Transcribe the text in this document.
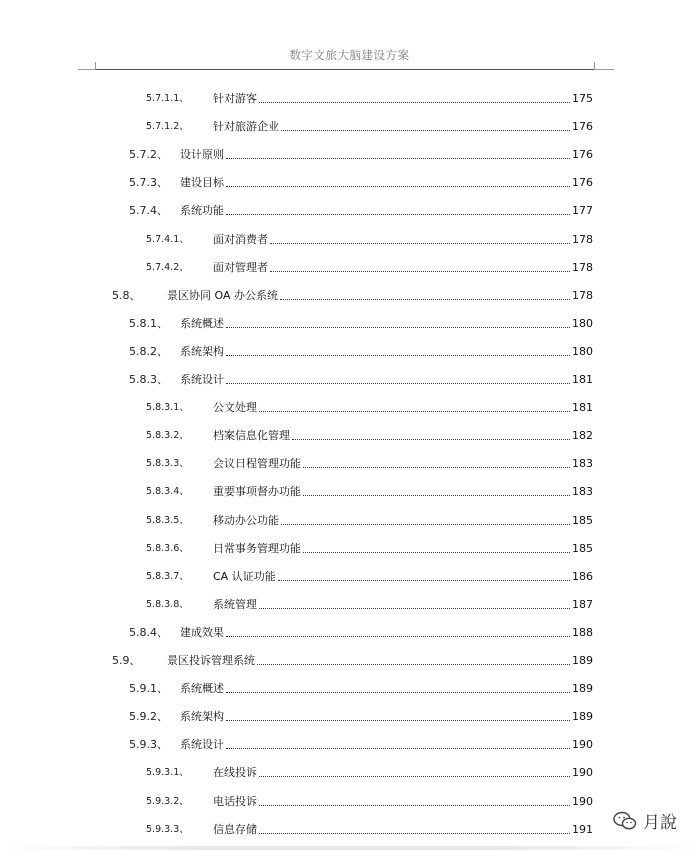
数字文旅大脑建设方案
5.7.1.1、	针对游客	175
5.7.1.2、	针对旅游企业	176
5.7.2、	设计原则	176
5.7.3、	建设目标	176
5.7.4、	系统功能	177
5.7.4.1、	面对消费者	178
5.7.4.2、	面对管理者	178
5.8、	景区协同 OA 办公系统	178
5.8.1、	系统概述	180
5.8.2、	系统架构	180
5.8.3、	系统设计	181
5.8.3.1、	公文处理	181
5.8.3.2、	档案信息化管理	182
5.8.3.3、	会议日程管理功能	183
5.8.3.4、	重要事项督办功能	183
5.8.3.5、	移动办公功能	185
5.8.3.6、	日常事务管理功能	185
5.8.3.7、	CA 认证功能	186
5.8.3.8、	系统管理	187
5.8.4、	建成效果	188
5.9、	景区投诉管理系统	189
5.9.1、	系统概述	189
5.9.2、	系统架构	189
5.9.3、	系统设计	190
5.9.3.1、	在线投诉	190
5.9.3.2、	电话投诉	190
5.9.3.3、	信息存储	191	月說
